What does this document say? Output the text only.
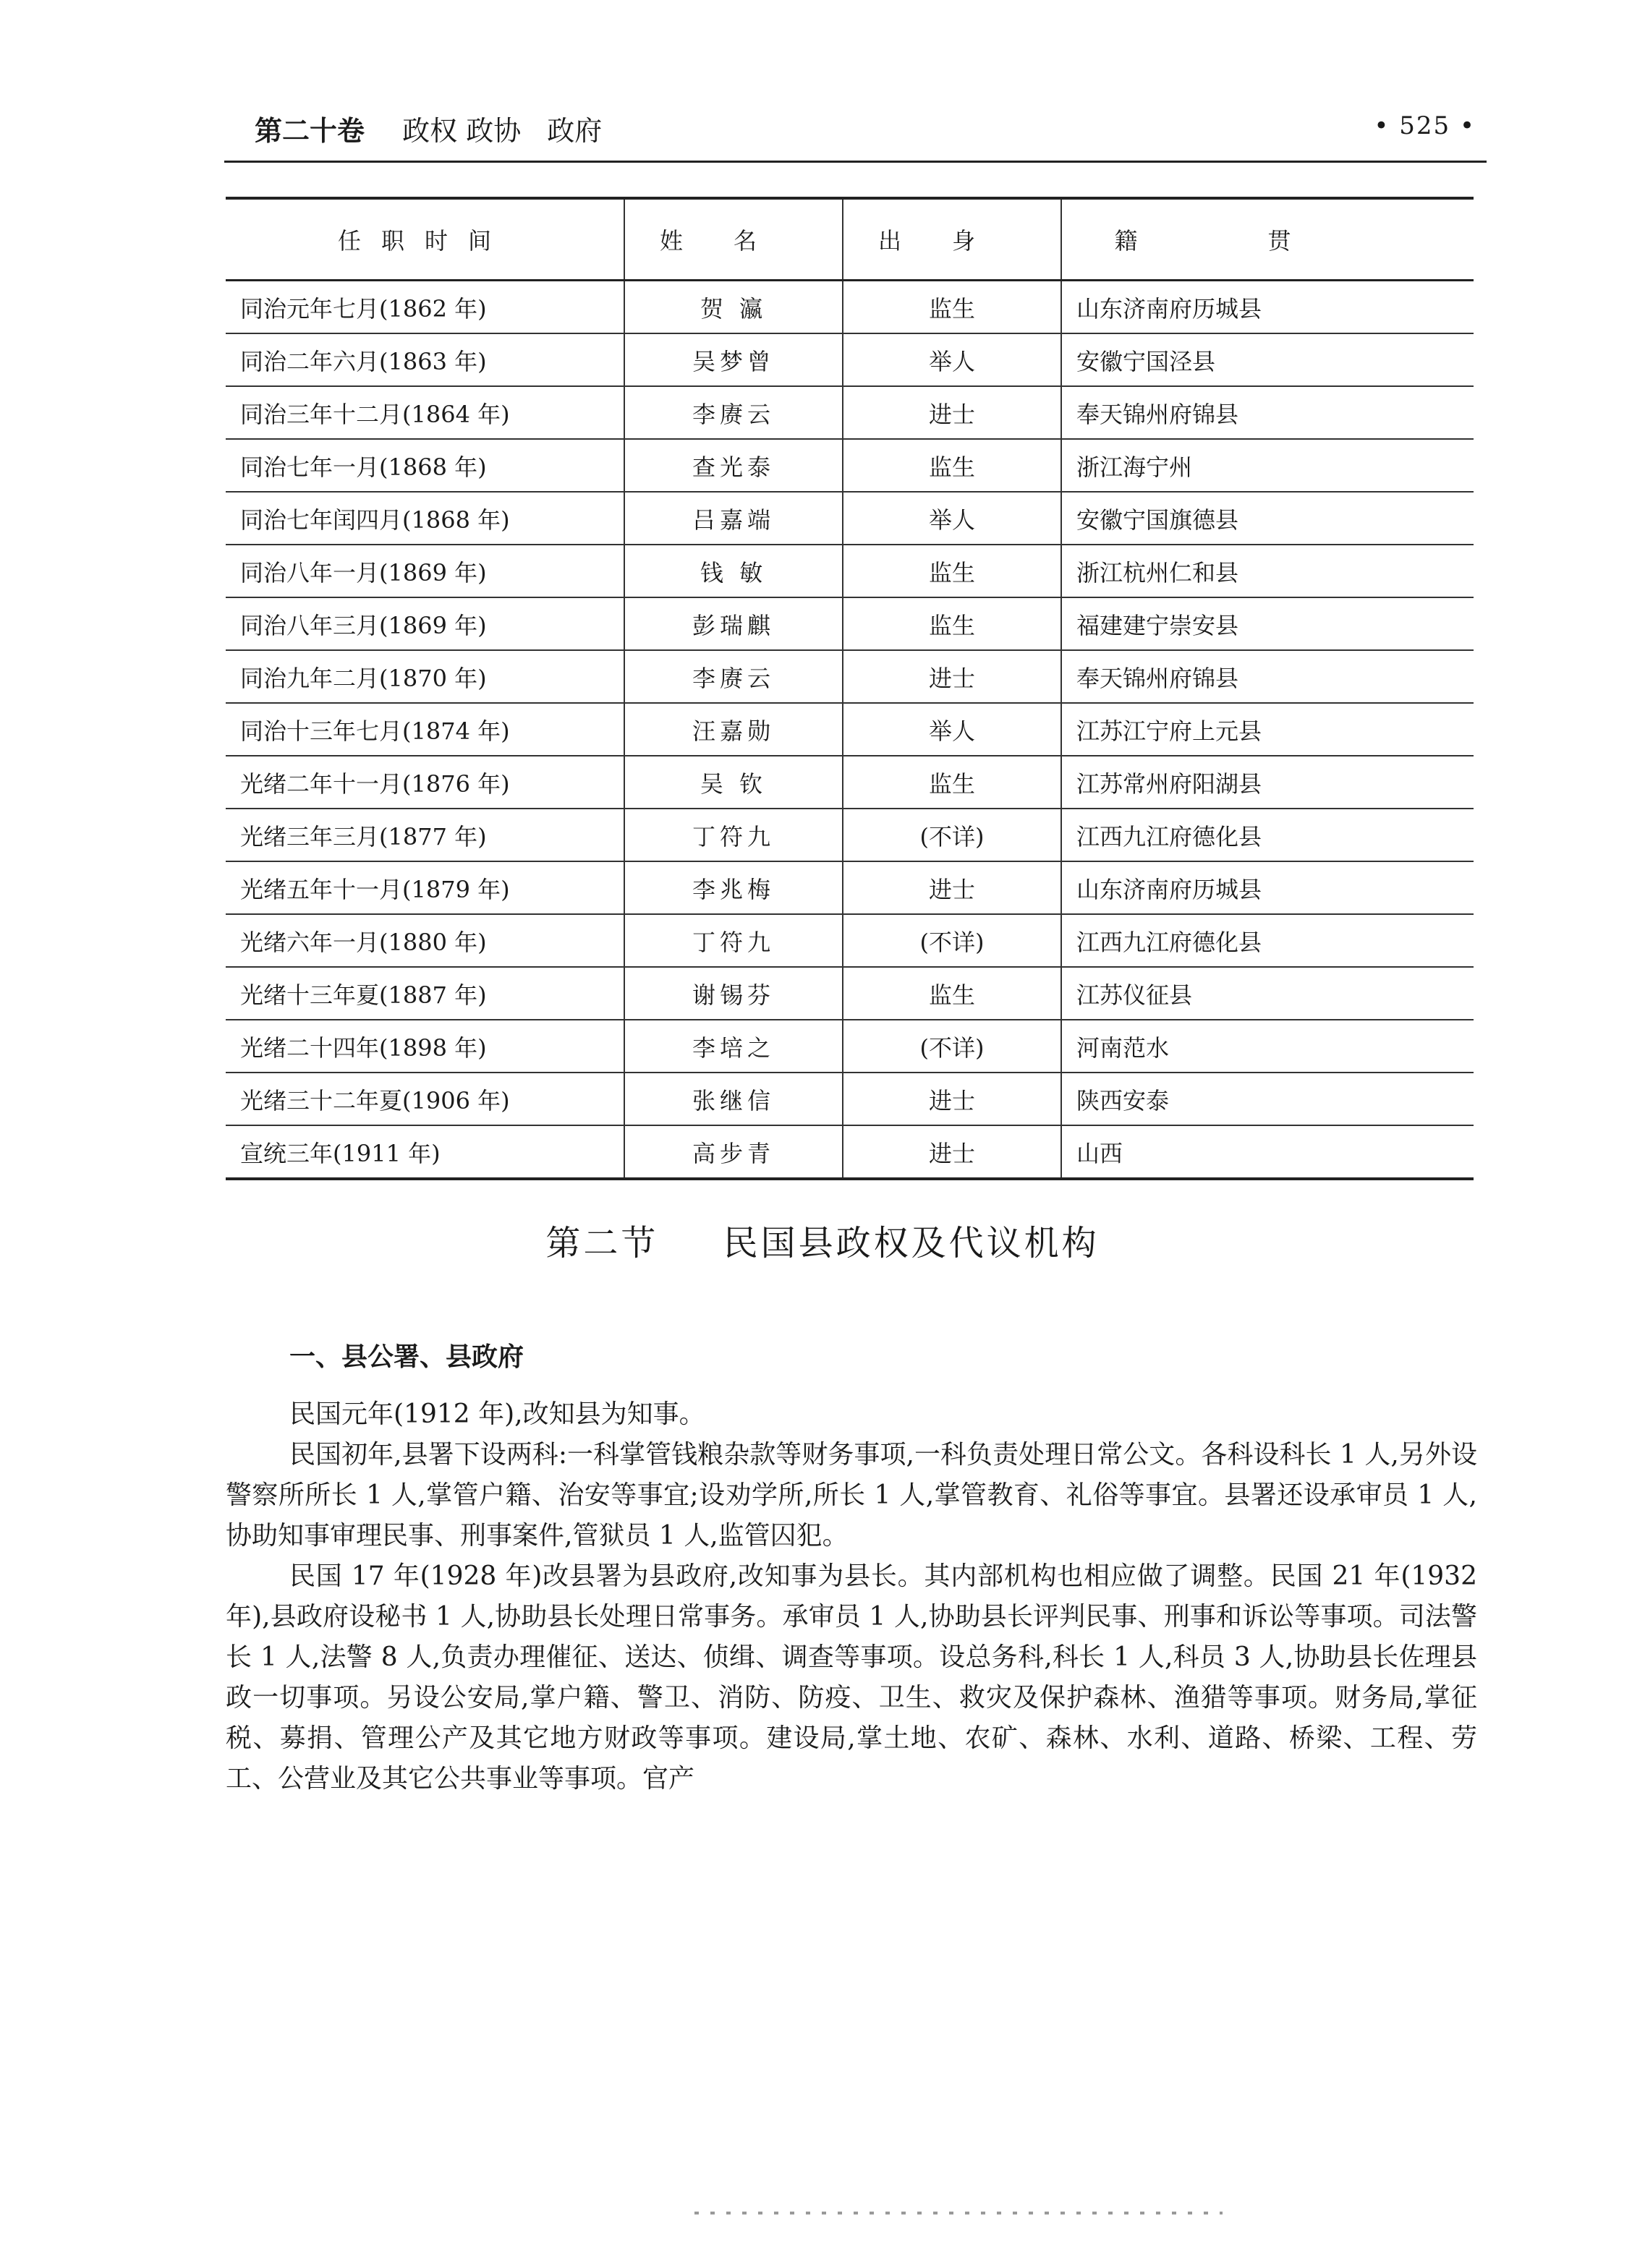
第二十卷 政权 政协 政府	• 525 •
任职时间	姓名	出身	籍贯
同治元年七月(1862 年)	贺 瀛	监生	山东济南府历城县
同治二年六月(1863 年)	吴梦曾	举人	安徽宁国泾县
同治三年十二月(1864 年)	李赓云	进士	奉天锦州府锦县
同治七年一月(1868 年)	查光泰	监生	浙江海宁州
同治七年闰四月(1868 年)	吕嘉端	举人	安徽宁国旗德县
同治八年一月(1869 年)	钱 敏	监生	浙江杭州仁和县
同治八年三月(1869 年)	彭瑞麒	监生	福建建宁崇安县
同治九年二月(1870 年)	李赓云	进士	奉天锦州府锦县
同治十三年七月(1874 年)	汪嘉勋	举人	江苏江宁府上元县
光绪二年十一月(1876 年)	吴 钦	监生	江苏常州府阳湖县
光绪三年三月(1877 年)	丁符九	(不详)	江西九江府德化县
光绪五年十一月(1879 年)	李兆梅	进士	山东济南府历城县
光绪六年一月(1880 年)	丁符九	(不详)	江西九江府德化县
光绪十三年夏(1887 年)	谢锡芬	监生	江苏仪征县
光绪二十四年(1898 年)	李培之	(不详)	河南范水
光绪三十二年夏(1906 年)	张继信	进士	陕西安泰
宣统三年(1911 年)	高步青	进士	山西
第二节 民国县政权及代议机构
一、县公署、县政府

民国元年(1912 年),改知县为知事。

民国初年,县署下设两科:一科掌管钱粮杂款等财务事项,一科负责处理日常公文。各科设科长 1 人,另外设警察所所长 1 人,掌管户籍、治安等事宜;设劝学所,所长 1 人,掌管教育、礼俗等事宜。县署还设承审员 1 人,协助知事审理民事、刑事案件,管狱员 1 人,监管囚犯。

民国 17 年(1928 年)改县署为县政府,改知事为县长。其内部机构也相应做了调整。民国 21 年(1932 年),县政府设秘书 1 人,协助县长处理日常事务。承审员 1 人,协助县长评判民事、刑事和诉讼等事项。司法警长 1 人,法警 8 人,负责办理催征、送达、侦缉、调查等事项。设总务科,科长 1 人,科员 3 人,协助县长佐理县政一切事项。另设公安局,掌户籍、警卫、消防、防疫、卫生、救灾及保护森林、渔猎等事项。财务局,掌征税、募捐、管理公产及其它地方财政等事项。建设局,掌土地、农矿、森林、水利、道路、桥梁、工程、劳工、公营业及其它公共事业等事项。官产
